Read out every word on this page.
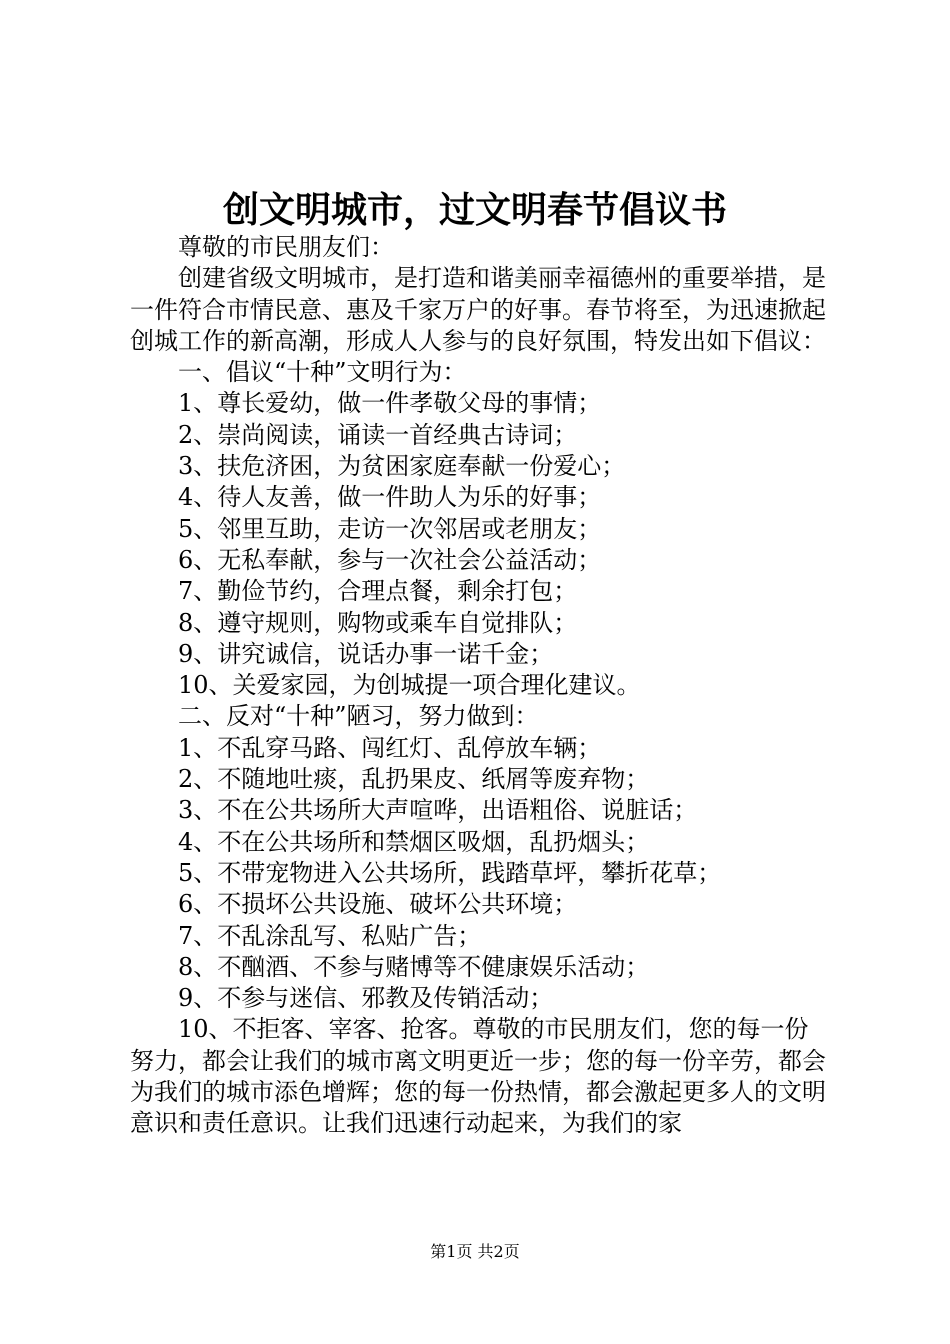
创文明城市，过文明春节倡议书

尊敬的市民朋友们：

创建省级文明城市，是打造和谐美丽幸福德州的重要举措，是一件符合市情民意、惠及千家万户的好事。春节将至，为迅速掀起创城工作的新高潮，形成人人参与的良好氛围，特发出如下倡议：

一、倡议“十种”文明行为：

1、尊长爱幼，做一件孝敬父母的事情；

2、崇尚阅读，诵读一首经典古诗词；

3、扶危济困，为贫困家庭奉献一份爱心；

4、待人友善，做一件助人为乐的好事；

5、邻里互助，走访一次邻居或老朋友；

6、无私奉献，参与一次社会公益活动；

7、勤俭节约，合理点餐，剩余打包；

8、遵守规则，购物或乘车自觉排队；

9、讲究诚信，说话办事一诺千金；

10、关爱家园，为创城提一项合理化建议。

二、反对“十种”陋习，努力做到：

1、不乱穿马路、闯红灯、乱停放车辆；

2、不随地吐痰，乱扔果皮、纸屑等废弃物；

3、不在公共场所大声喧哗，出语粗俗、说脏话；

4、不在公共场所和禁烟区吸烟，乱扔烟头；

5、不带宠物进入公共场所，践踏草坪，攀折花草；

6、不损坏公共设施、破坏公共环境；

7、不乱涂乱写、私贴广告；

8、不酗酒、不参与赌博等不健康娱乐活动；

9、不参与迷信、邪教及传销活动；

10、不拒客、宰客、抢客。尊敬的市民朋友们，您的每一份努力，都会让我们的城市离文明更近一步；您的每一份辛劳，都会为我们的城市添色增辉；您的每一份热情，都会激起更多人的文明意识和责任意识。让我们迅速行动起来，为我们的家

第1页 共2页
